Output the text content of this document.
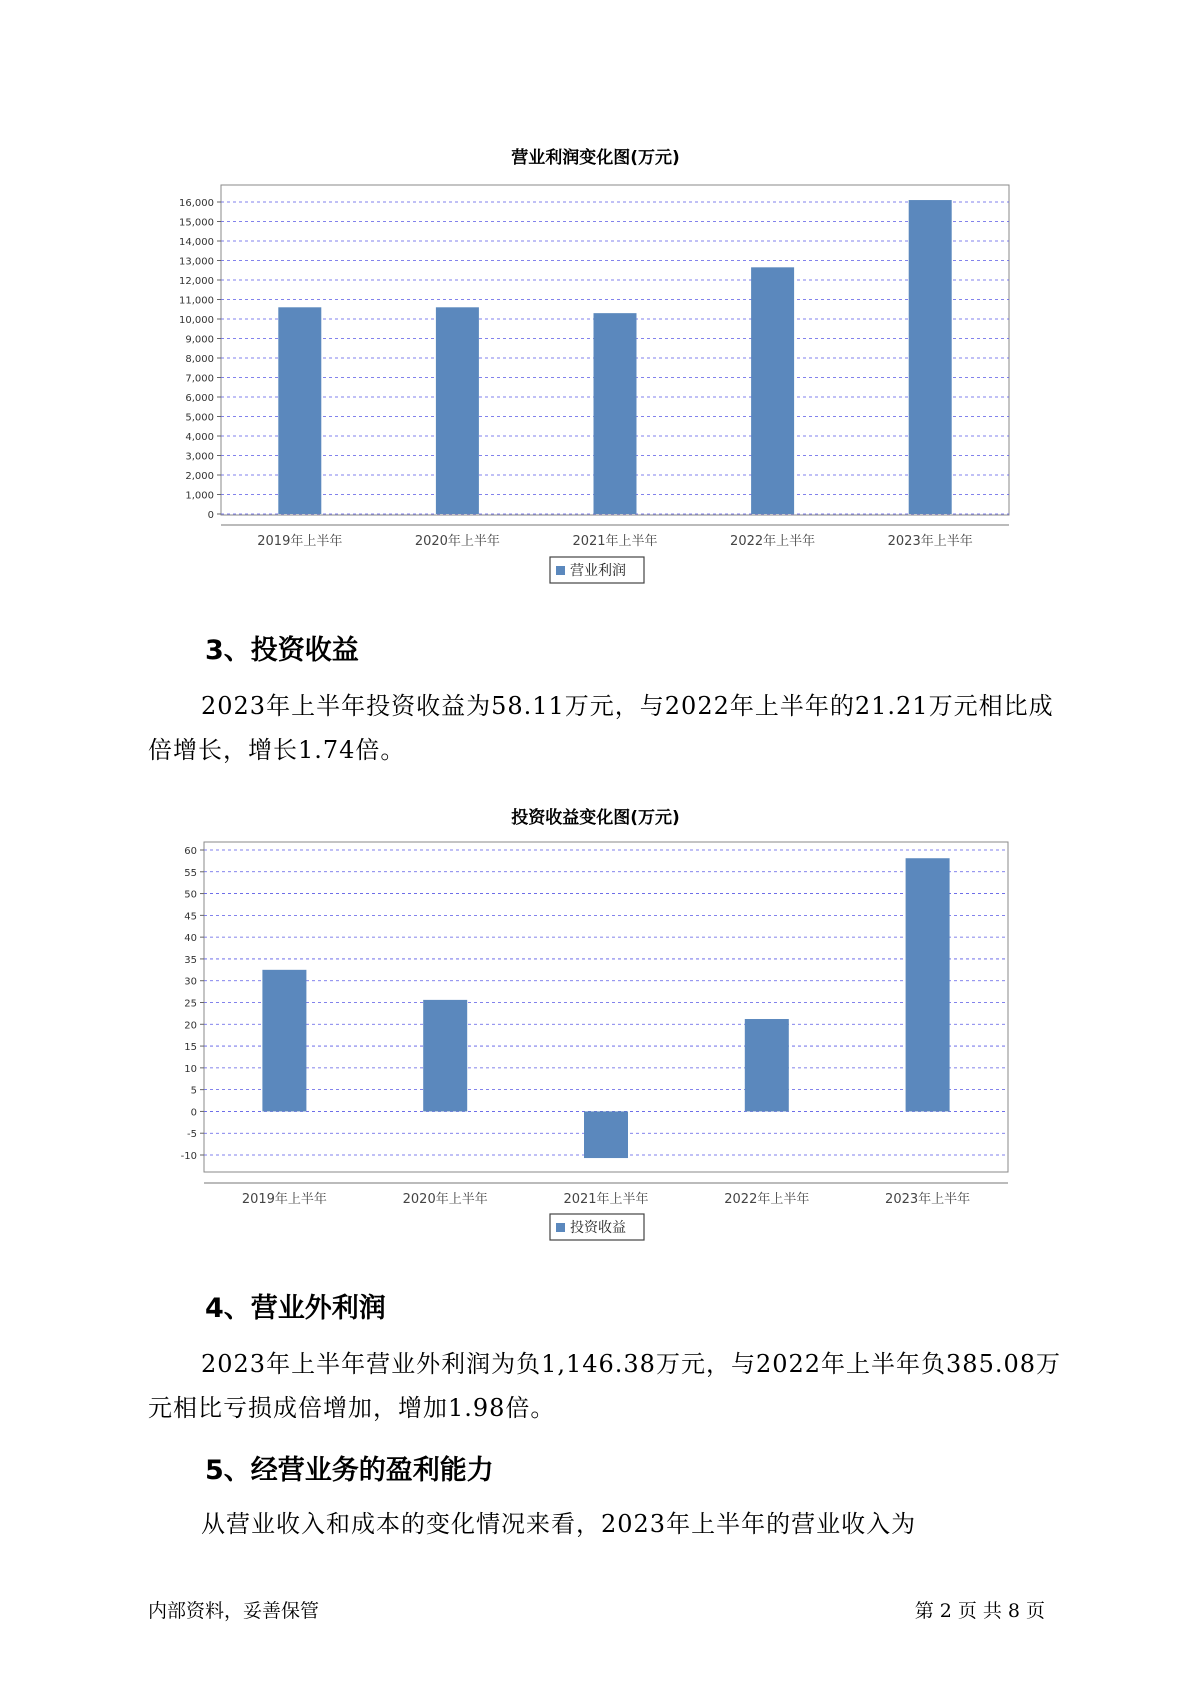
营业利润变化图(万元)
0
1,000
2,000
3,000
4,000
5,000
6,000
7,000
8,000
9,000
10,000
11,000
12,000
13,000
14,000
15,000
16,000
2019年上半年	2020年上半年	2021年上半年	2022年上半年	2023年上半年
营业利润
3、投资收益

2023年上半年投资收益为58.11万元，与2022年上半年的21.21万元相比成倍增长，增长1.74倍。

投资收益变化图(万元)
-10
-5
0
5
10
15
20
25
30
35
40
45
50
55
60
2019年上半年	2020年上半年	2021年上半年	2022年上半年	2023年上半年
投资收益
4、营业外利润

2023年上半年营业外利润为负1,146.38万元，与2022年上半年负385.08万元相比亏损成倍增加，增加1.98倍。

5、经营业务的盈利能力

从营业收入和成本的变化情况来看，2023年上半年的营业收入为

内部资料，妥善保管	第 2 页 共 8 页
